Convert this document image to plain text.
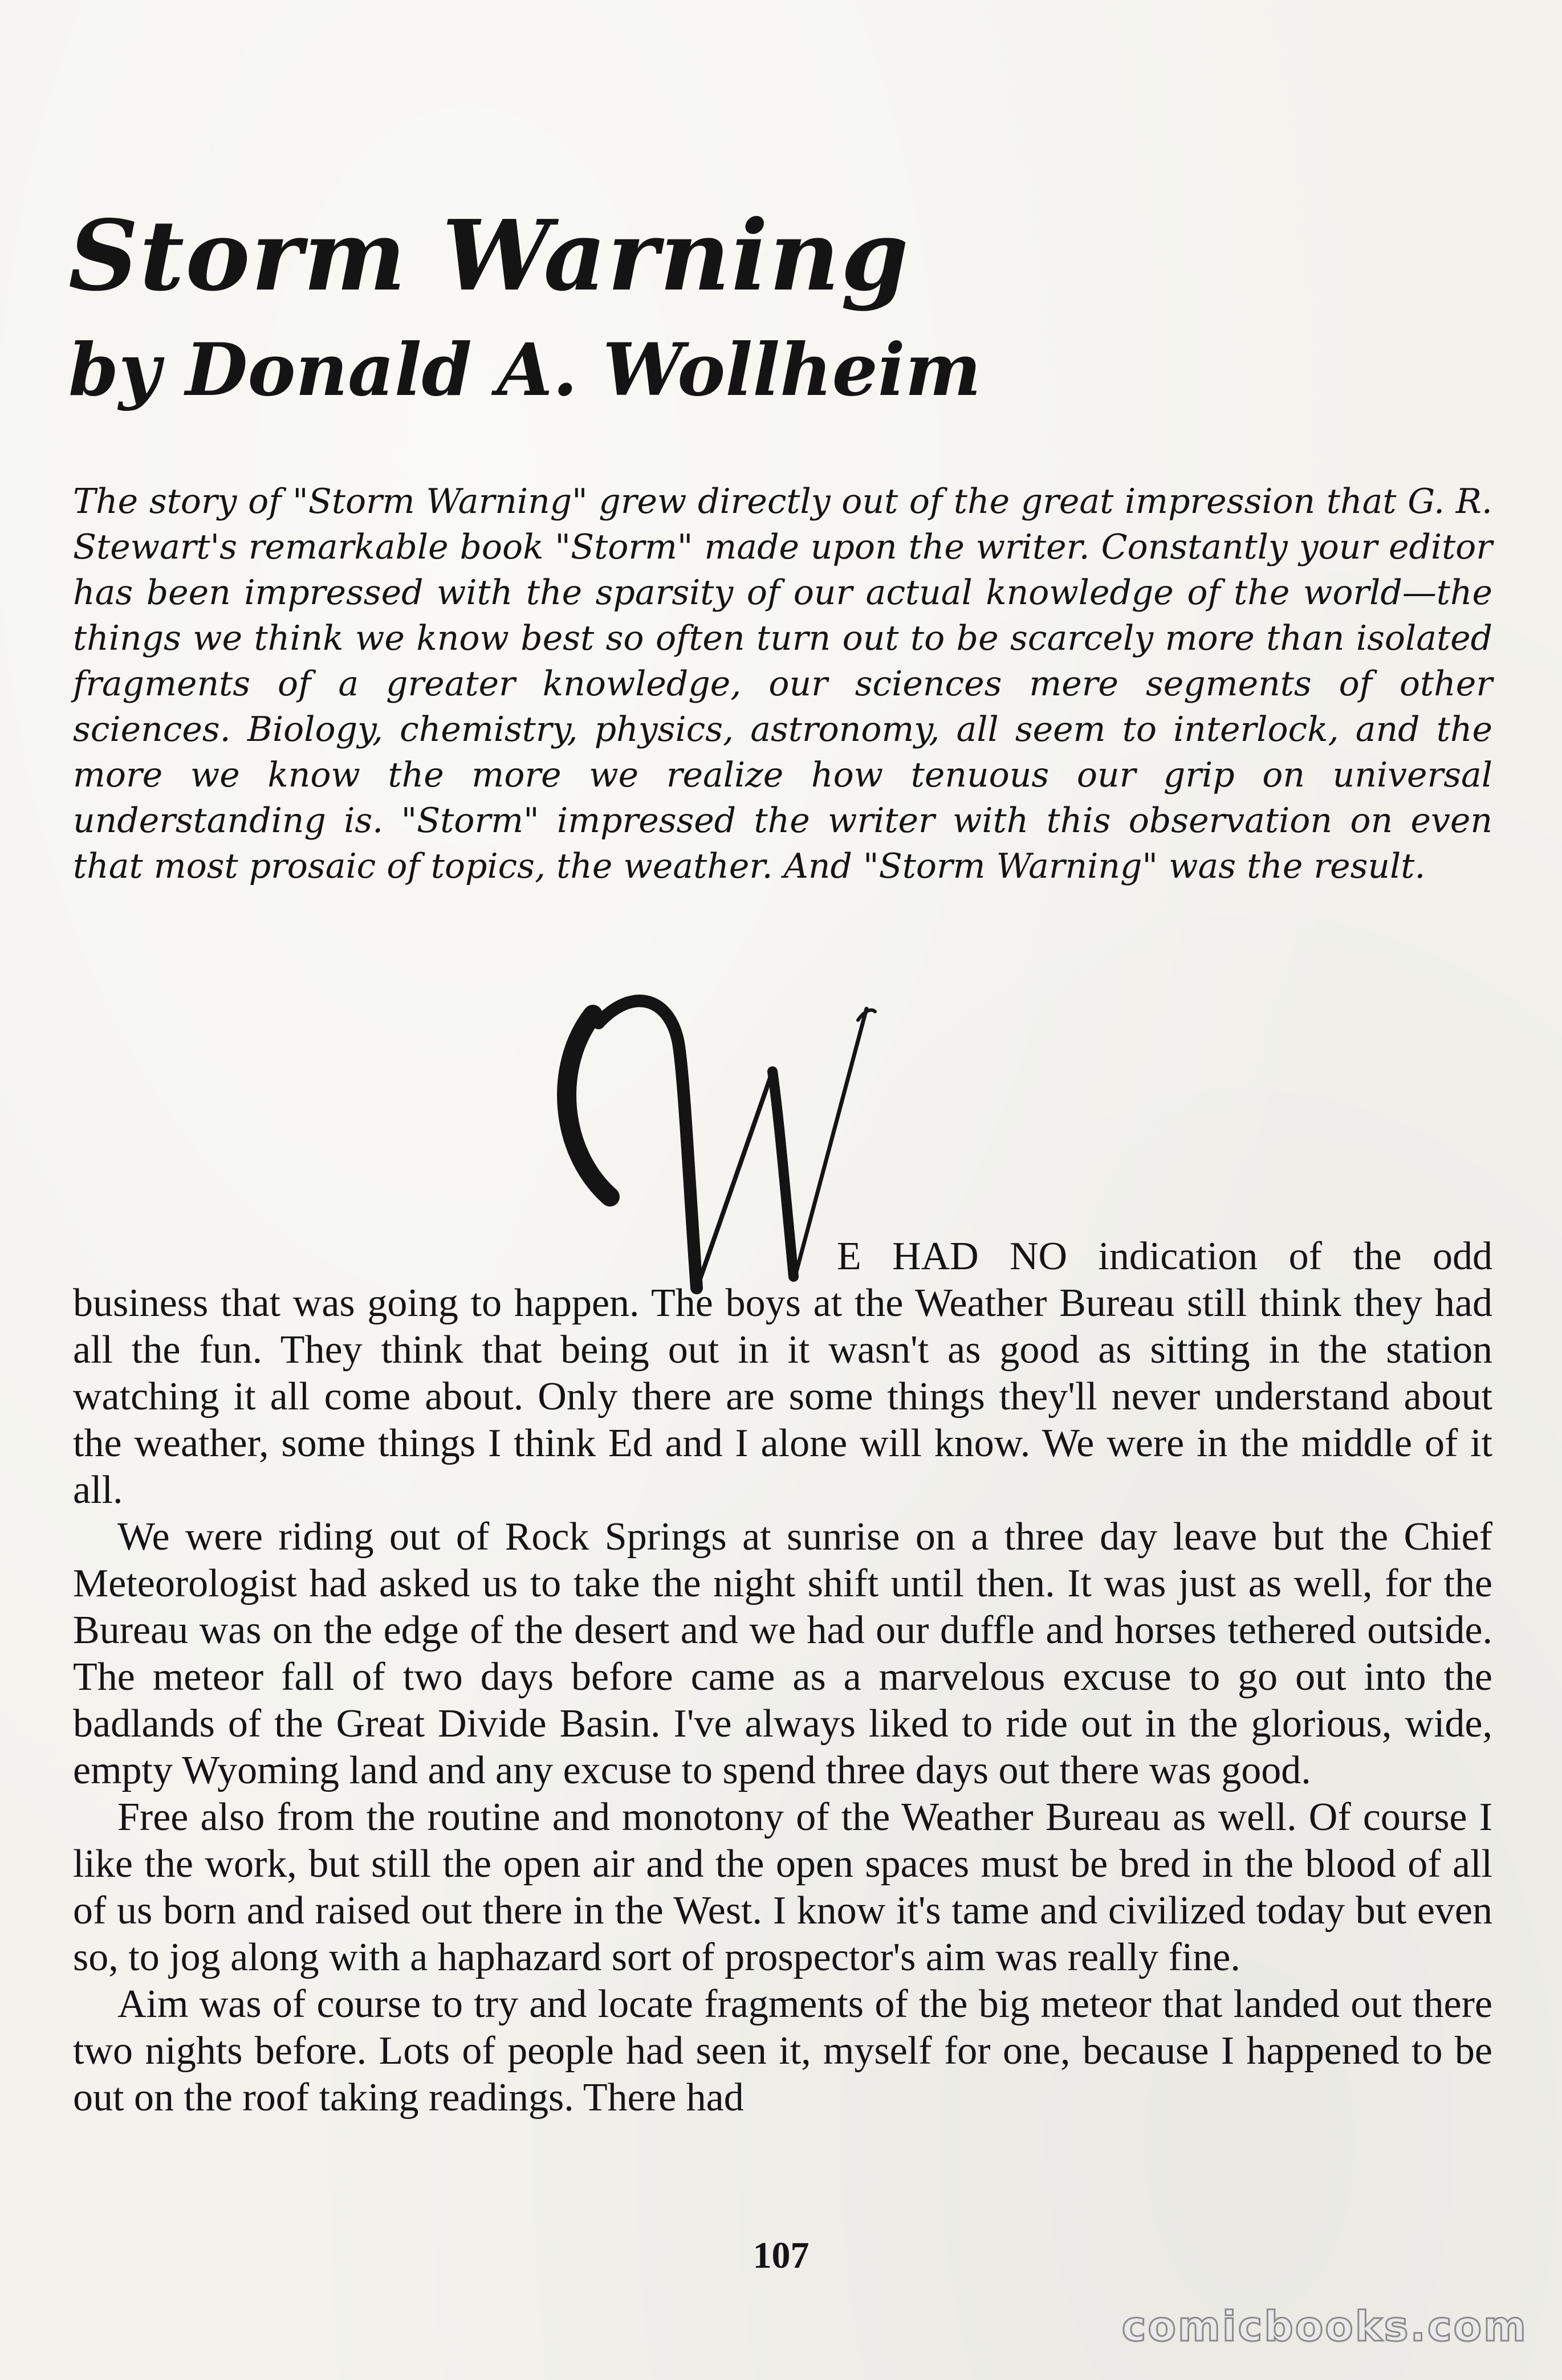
Storm Warning
by Donald A. Wollheim

The story of "Storm Warning" grew directly out of the great impression that G. R. Stewart's remarkable book "Storm" made upon the writer. Constantly your editor has been impressed with the sparsity of our actual knowledge of the world—the things we think we know best so often turn out to be scarcely more than isolated fragments of a greater knowledge, our sciences mere segments of other sciences. Biology, chemistry, physics, astronomy, all seem to interlock, and the more we know the more we realize how tenuous our grip on universal understanding is. "Storm" impressed the writer with this observation on even that most prosaic of topics, the weather. And "Storm Warning" was the result.

E HAD NO indication of the odd

business that was going to happen. The boys at the Weather Bureau still think they had all the fun. They think that being out in it wasn't as good as sitting in the station watching it all come about. Only there are some things they'll never understand about the weather, some things I think Ed and I alone will know. We were in the middle of it all.

We were riding out of Rock Springs at sunrise on a three day leave but the Chief Meteorologist had asked us to take the night shift until then. It was just as well, for the Bureau was on the edge of the desert and we had our duffle and horses tethered outside. The meteor fall of two days before came as a marvelous excuse to go out into the badlands of the Great Divide Basin. I've always liked to ride out in the glorious, wide, empty Wyoming land and any excuse to spend three days out there was good.

Free also from the routine and monotony of the Weather Bureau as well. Of course I like the work, but still the open air and the open spaces must be bred in the blood of all of us born and raised out there in the West. I know it's tame and civilized today but even so, to jog along with a haphazard sort of prospector's aim was really fine.

Aim was of course to try and locate fragments of the big meteor that landed out there two nights before. Lots of people had seen it, myself for one, because I happened to be out on the roof taking readings. There had

107
comicbooks.com
